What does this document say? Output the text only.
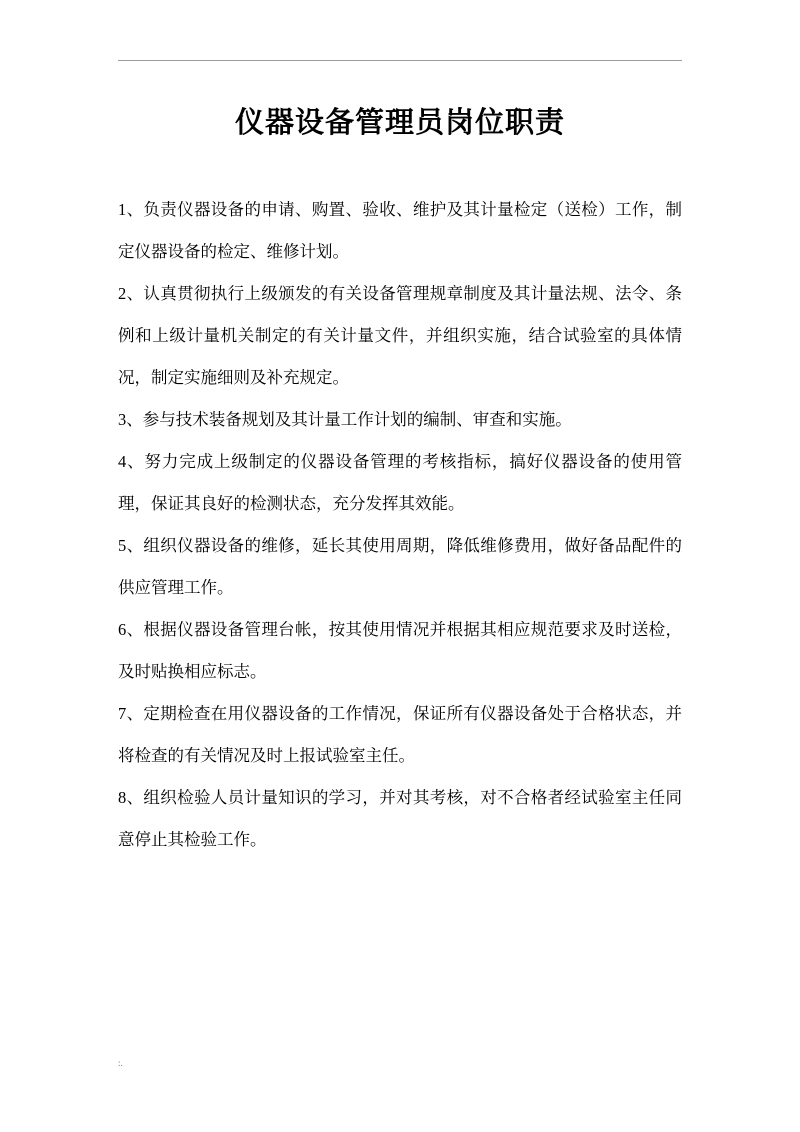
仪器设备管理员岗位职责

1、负责仪器设备的申请、购置、验收、维护及其计量检定（送检）工作，制定仪器设备的检定、维修计划。

2、认真贯彻执行上级颁发的有关设备管理规章制度及其计量法规、法令、条例和上级计量机关制定的有关计量文件，并组织实施，结合试验室的具体情况，制定实施细则及补充规定。

3、参与技术装备规划及其计量工作计划的编制、审查和实施。

4、努力完成上级制定的仪器设备管理的考核指标，搞好仪器设备的使用管理，保证其良好的检测状态，充分发挥其效能。

5、组织仪器设备的维修，延长其使用周期，降低维修费用，做好备品配件的供应管理工作。

6、根据仪器设备管理台帐，按其使用情况并根据其相应规范要求及时送检，及时贴换相应标志。

7、定期检查在用仪器设备的工作情况，保证所有仪器设备处于合格状态，并将检查的有关情况及时上报试验室主任。

8、组织检验人员计量知识的学习，并对其考核，对不合格者经试验室主任同意停止其检验工作。

:.
